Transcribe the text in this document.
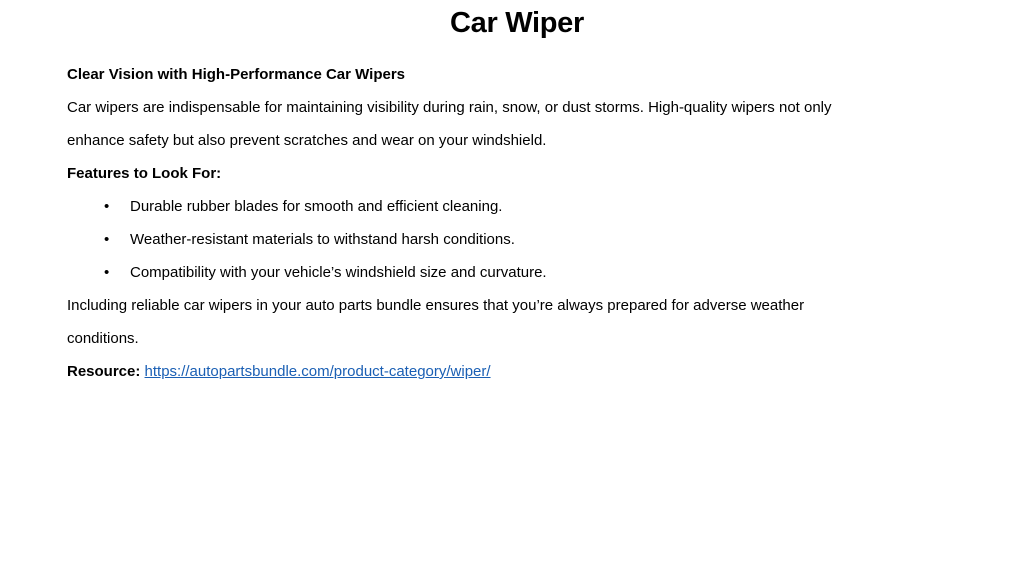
Car Wiper
Clear Vision with High-Performance Car Wipers
Car wipers are indispensable for maintaining visibility during rain, snow, or dust storms. High-quality wipers not only
enhance safety but also prevent scratches and wear on your windshield.
Features to Look For:
• Durable rubber blades for smooth and efficient cleaning.
• Weather-resistant materials to withstand harsh conditions.
• Compatibility with your vehicle’s windshield size and curvature.
Including reliable car wipers in your auto parts bundle ensures that you’re always prepared for adverse weather
conditions.
Resource: https://autopartsbundle.com/product-category/wiper/
